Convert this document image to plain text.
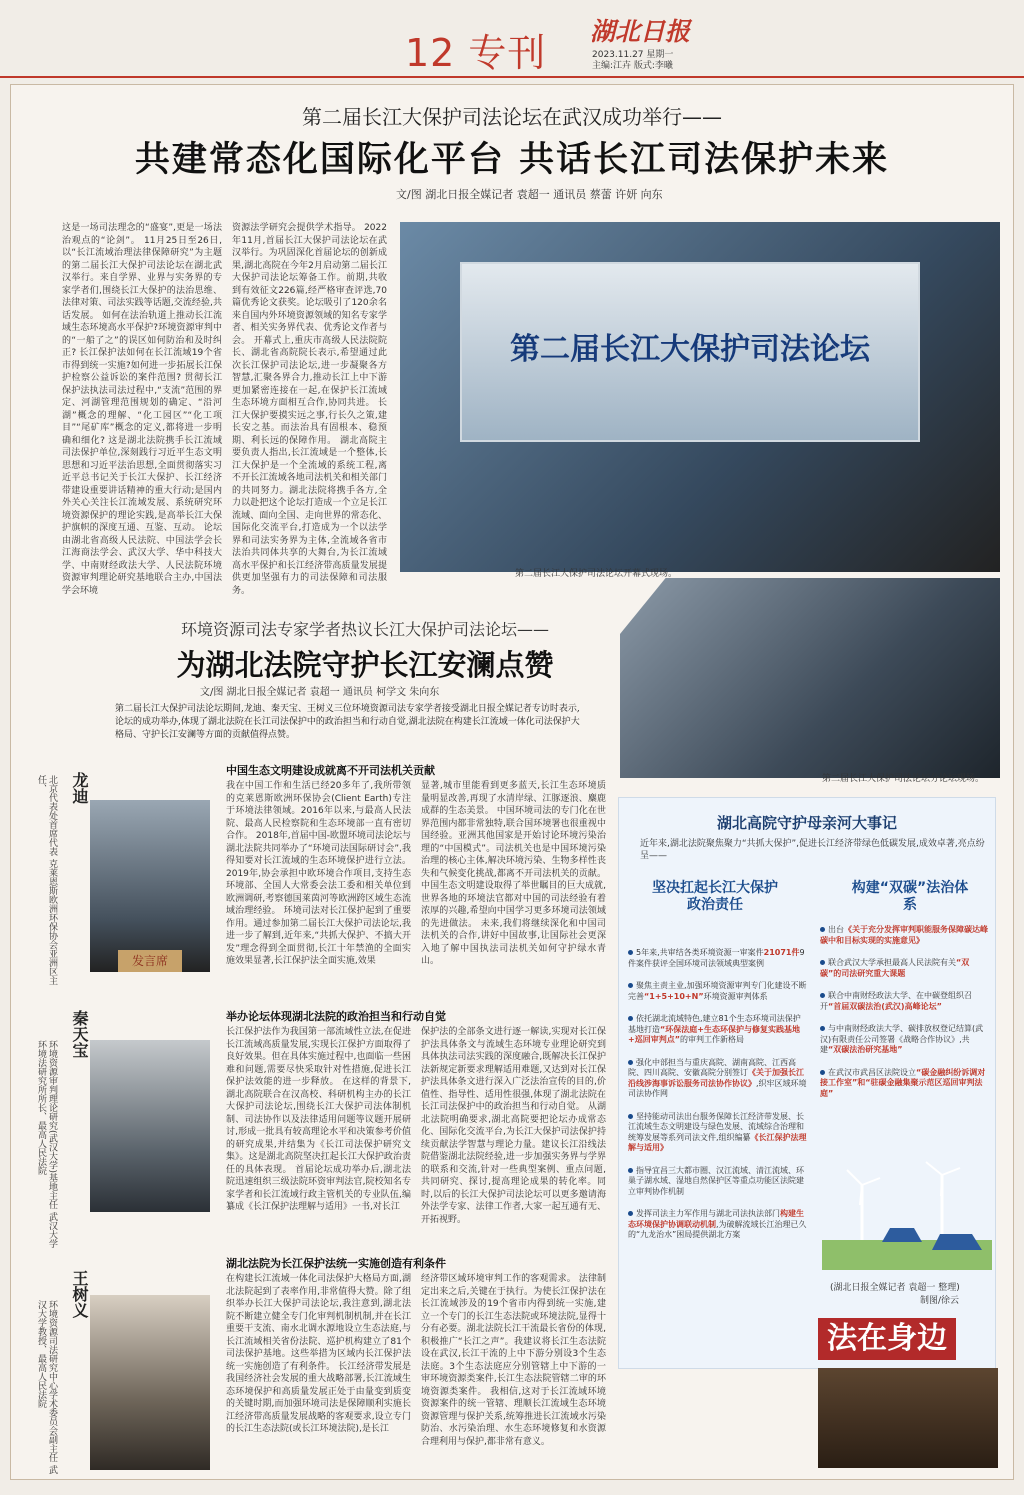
12 专刊 湖北日报
2023.11.27 星期一
主编:江卉 版式:李曦
第二届长江大保护司法论坛在武汉成功举行——
共建常态化国际化平台 共话长江司法保护未来
文/图 湖北日报全媒记者 袁超一 通讯员 蔡蕾 许妍 向东
这是一场司法理念的“盛宴”,更是一场法治观点的“论剑”。 11月25日至26日,以“长江流域治理法律保障研究”为主题的第二届长江大保护司法论坛在湖北武汉举行。来自学界、业界与实务界的专家学者们,围绕长江大保护的法治思维、法律对策、司法实践等话题,交流经验,共话发展。 如何在法治轨道上推动长江流域生态环境高水平保护?环境资源审判中的“一船了之”的误区如何防治和及时纠正? 长江保护法如何在长江流域19个省市得到统一实施?如何进一步拓展长江保护检察公益诉讼的案件范围? 贯彻长江保护法执法司法过程中,“支流”范围的界定、河湖管理范围规划的确定、“沿河湖”概念的理解、“化工园区”“化工项目”“尾矿库”概念的定义,都将进一步明确和细化? 这是湖北法院携手长江流域司法保护单位,深刻践行习近平生态文明思想和习近平法治思想,全面贯彻落实习近平总书记关于长江大保护、长江经济带建设重要讲话精神的重大行动;是国内外关心关注长江流域发展、系统研究环境资源保护的理论实践,是高举长江大保护旗帜的深度互通、互鉴、互动。 论坛由湖北省高级人民法院、中国法学会长江海商法学会、武汉大学、华中科技大学、中南财经政法大学、人民法院环境资源审判理论研究基地联合主办,中国法学会环境
资源法学研究会提供学术指导。 2022年11月,首届长江大保护司法论坛在武汉举行。为巩固深化首届论坛的创新成果,湖北高院在今年2月启动第二届长江大保护司法论坛筹备工作。前期,共收到有效征文226篇,经严格审查评选,70篇优秀论文获奖。论坛吸引了120余名来自国内外环境资源领域的知名专家学者、相关实务界代表、优秀论文作者与会。 开幕式上,重庆市高级人民法院院长、湖北省高院院长表示,希望通过此次长江保护司法论坛,进一步凝聚各方智慧,汇聚各界合力,推动长江上中下游更加紧密连接在一起,在保护长江流域生态环境方面相互合作,协同共进。 长江大保护要摸实远之事,行长久之策,建长安之基。而法治具有固根本、稳预期、利长远的保障作用。 湖北高院主要负责人指出,长江流域是一个整体,长江大保护是一个全流域的系统工程,离不开长江流域各地司法机关和相关部门的共同努力。湖北法院将携手各方,全力以赴把这个论坛打造成一个立足长江流域、面向全国、走向世界的常态化、国际化交流平台,打造成为一个以法学界和司法实务界为主体,全流域各省市法治共同体共享的大舞台,为长江流域高水平保护和长江经济带高质量发展提供更加坚强有力的司法保障和司法服务。
第二届长江大保护司法论坛
第二届长江大保护司法论坛开幕式现场。
第二届长江大保护司法论坛分论坛现场。
环境资源司法专家学者热议长江大保护司法论坛——
为湖北法院守护长江安澜点赞
文/图 湖北日报全媒记者 袁超一 通讯员 柯学文 朱向东
第二届长江大保护司法论坛期间,龙迪、秦天宝、王树义三位环境资源司法专家学者接受湖北日报全媒记者专访时表示,论坛的成功举办,体现了湖北法院在长江司法保护中的政治担当和行动自觉,湖北法院在构建长江流域一体化司法保护大格局、守护长江安澜等方面的贡献值得点赞。
北京代表处首席代表 克莱恩斯欧洲环保协会亚洲区主任、	龙迪
发言席
中国生态文明建设成就离不开司法机关贡献
我在中国工作和生活已经20多年了,我所带领的克莱恩斯欧洲环保协会(Client Earth)专注于环境法律领域。2016年以来,与最高人民法院、最高人民检察院和生态环境部一直有密切合作。 2018年,首届中国-欧盟环境司法论坛与湖北法院共同举办了“环境司法国际研讨会”,我得知要对长江流域的生态环境保护进行立法。2019年,协会承担中欧环境合作项目,支持生态环境部、全国人大常委会法工委和相关单位到欧洲调研,考察德国莱茵河等欧洲跨区域生态流域治理经验。 环境司法对长江保护起到了重要作用。通过参加第二届长江大保护司法论坛,我进一步了解到,近年来,“共抓大保护、不搞大开发”理念得到全面贯彻,长江十年禁渔的全面实施效果显著,长江保护法全面实施,效果
显著,城市里能看到更多蓝天,长江生态环境质量明显改善,再现了水清岸绿、江豚逐浪、麋鹿成群的生态美景。 中国环境司法的专门化在世界范围内都非常独特,联合国环境署也很重视中国经验。亚洲其他国家是开始讨论环境污染治理的“中国模式”。司法机关也是中国环境污染治理的核心主体,解决环境污染、生物多样性丧失和气候变化挑战,都离不开司法机关的贡献。 中国生态文明建设取得了举世瞩目的巨大成就,世界各地的环境法官都对中国的司法经验有着浓厚的兴趣,希望向中国学习更多环境司法领域的先进做法。 未来,我们将继续深化和中国司法机关的合作,讲好中国故事,让国际社会更深入地了解中国执法司法机关如何守护绿水青山。
环境资源审判理论研究(武汉大学)基地主任 武汉大学环境法研究所所长、最高人民法院
秦天宝	举办论坛体现湖北法院的政治担当和行动自觉
长江保护法作为我国第一部流域性立法,在促进长江流域高质量发展,实现长江保护方面取得了良好效果。但在具体实施过程中,也面临一些困难和问题,需要尽快采取针对性措施,促进长江保护法效能的进一步释放。 在这样的背景下,湖北高院联合在汉高校、科研机构主办的长江大保护司法论坛,围绕长江大保护司法体制机制、司法协作以及法律适用问题等议题开展研讨,形成一批具有较高理论水平和决策参考价值的研究成果,并结集为《长江司法保护研究文集》。这是湖北高院坚决扛起长江大保护政治责任的具体表现。 首届论坛成功举办后,湖北法院迅速组织三级法院环资审判法官,院校知名专家学者和长江流域行政主管机关的专业队伍,编纂成《长江保护法理解与适用》一书,对长江
保护法的全部条文进行逐一解读,实现对长江保护法具体条文与流域生态环境专业理论研究到具体执法司法实践的深度融合,既解决长江保护法新规定新要求理解适用难题,又达到对长江保护法具体条文进行深入广泛法治宣传的目的,价值性、指导性、适用性很强,体现了湖北法院在长江司法保护中的政治担当和行动自觉。 从湖北法院明确要求,湖北高院要把论坛办成常态化、国际化交流平台,为长江大保护司法保护持续贡献法学智慧与理论力量。建议长江沿线法院借鉴湖北法院经验,进一步加强实务界与学界的联系和交流,针对一些典型案例、重点问题,共同研究、探讨,提高理论成果的转化率。同时,以后的长江大保护司法论坛可以更多邀请海外法学专家、法律工作者,大家一起互通有无、开拓视野。
环境资源司法研究中心学术委员会副主任 武汉大学教授、最高人民法院
王树义
湖北法院为长江保护法统一实施创造有利条件
在构建长江流域一体化司法保护大格局方面,湖北法院起到了表率作用,非常值得大赞。除了组织举办长江大保护司法论坛,我注意到,湖北法院不断建立健全专门化审判机制机制,并在长江重要干支流、南水北调水源地设立生态法庭,与长江流域相关省份法院、巡护机构建立了81个司法保护基地。这些举措为区域内长江保护法统一实施创造了有利条件。 长江经济带发展是我国经济社会发展的重大战略部署,长江流域生态环境保护和高质量发展正处于由量变到质变的关键时期,而加强环境司法是保障顺利实施长江经济带高质量发展战略的客观要求,设立专门的长江生态法院(或长江环境法院),是长江
经济带区域环境审判工作的客观需求。 法律制定出来之后,关键在于执行。为使长江保护法在长江流域涉及的19个省市内得到统一实施,建立一个专门的长江生态法院或环境法院,显得十分有必要。湖北法院长江干流最长省份的体现,积极推广“长江之声”。我建议将长江生态法院设在武汉,长江干流的上中下游分别设3个生态法庭。3个生态法庭应分别管辖上中下游的一审环境资源类案件,长江生态法院管辖二审的环境资源类案件。 我相信,这对于长江流域环境资源案件的统一管辖、理顺长江流域生态环境资源管理与保护关系,统筹推进长江流域水污染防治、水污染治理、水生态环境修复和水资源合理利用与保护,都非常有意义。
湖北高院守护母亲河大事记
近年来,湖北法院聚焦聚力“共抓大保护”,促进长江经济带绿色低碳发展,成效卓著,亮点纷呈——
坚决扛起长江大保护政治责任
构建“双碳”法治体系
5年来,共审结各类环境资源一审案件21071件9件案件获评全国环境司法领域典型案例
聚焦主责主业,加强环境资源审判专门化建设不断完善“1+5+10+N”环境资源审判体系
依托湖北流域特色,建立81个生态环境司法保护基地打造“环保法庭+生态环保护与修复实践基地+巡回审判点”的审判工作新格局
强化中部担当与重庆高院、湖南高院、江西高院、四川高院、安徽高院分别签订《关于加强长江沿线涉海事诉讼服务司法协作协议》,织牢区域环境司法协作网
坚持能动司法出台服务保障长江经济带发展、长江流域生态文明建设与绿色发展、流域综合治理和统筹发展等系列司法文件,组织编纂《长江保护法理解与适用》
指导宜昌三大都市圈、汉江流域、清江流域、环巢子湖水域、湿地自然保护区等重点功能区法院建立审判协作机制
发挥司法主力军作用与湖北司法执法部门构建生态环境保护协调联动机制,为破解流域长江治理已久的“九龙治水”困局提供湖北方案
出台《关于充分发挥审判职能服务保障碳达峰碳中和目标实现的实施意见》
联合武汉大学承担最高人民法院有关“双碳”的司法研究重大课题
联合中南财经政法大学、在中碳登组织召开“首届双碳法治(武汉)高峰论坛”
与中南财经政法大学、碳排放权登记结算(武汉)有限责任公司签署《战略合作协议》,共建“双碳法治研究基地”
在武汉市武昌区法院设立“碳金融纠纷诉调对接工作室”和“驻碳金融集聚示范区巡回审判法庭”
(湖北日报全媒记者 袁超一 整理)
制图/徐云
法在身边
